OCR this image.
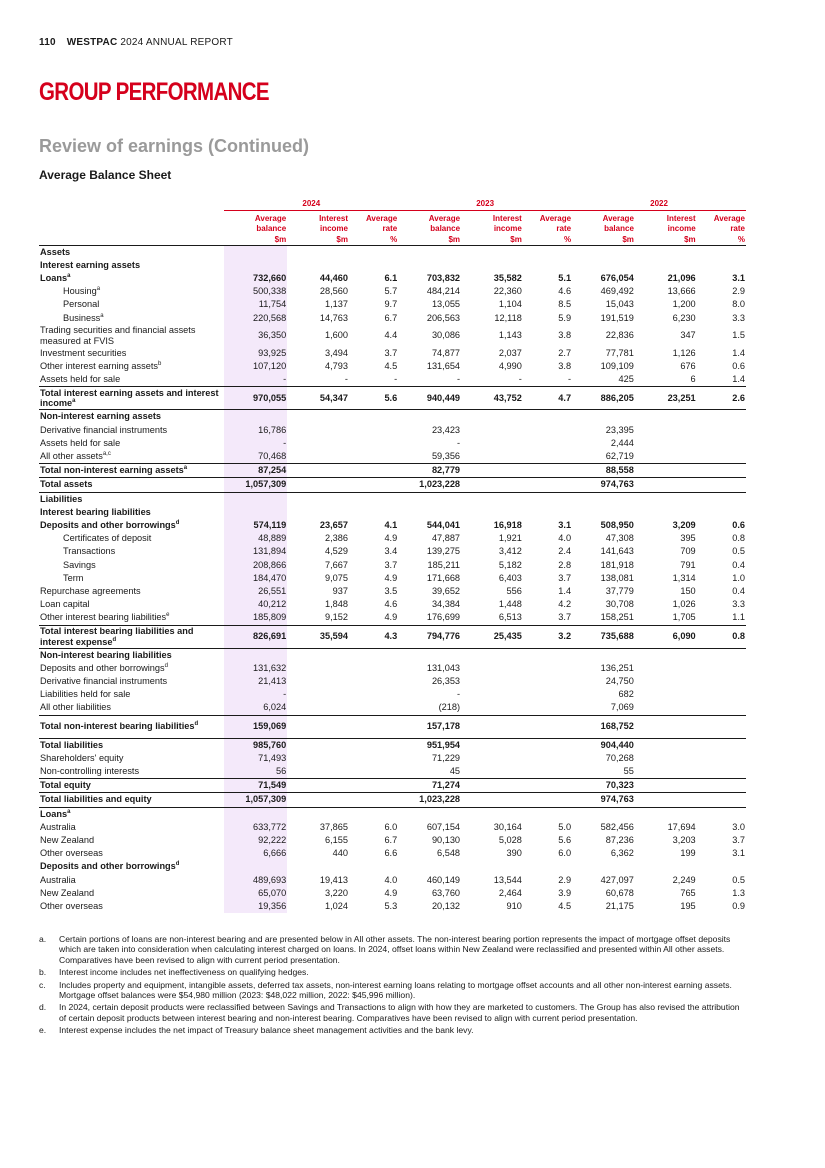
110 WESTPAC 2024 ANNUAL REPORT
GROUP PERFORMANCE
Review of earnings (Continued)
Average Balance Sheet
	2024			2023			2022		

	Average
balance
$m	Interest
income
$m	Average
rate
%	Average
balance
$m	Interest
income
$m	Average
rate
%	Average
balance
$m	Interest
income
$m	Average
rate
%

Assets									
Interest earning assets									
Loans$^a$	732,660	44,460	6.1	703,832	35,582	5.1	676,054	21,096	3.1
Housing$^a$	500,338	28,560	5.7	484,214	22,360	4.6	469,492	13,666	2.9
Personal	11,754	1,137	9.7	13,055	1,104	8.5	15,043	1,200	8.0
Business$^a$	220,568	14,763	6.7	206,563	12,118	5.9	191,519	6,230	3.3
Trading securities and financial assets measured at FVIS	36,350	1,600	4.4	30,086	1,143	3.8	22,836	347	1.5
Investment securities	93,925	3,494	3.7	74,877	2,037	2.7	77,781	1,126	1.4
Other interest earning assets$^b$	107,120	4,793	4.5	131,654	4,990	3.8	109,109	676	0.6
Assets held for sale	-	-	-	-	-	-	425	6	1.4
Total interest earning assets and interest income$^a$	970,055	54,347	5.6	940,449	43,752	4.7	886,205	23,251	2.6
Non-interest earning assets									
Derivative financial instruments	16,786			23,423			23,395		
Assets held for sale	-			-			2,444		
All other assets$^{a,c}$	70,468			59,356			62,719		
Total non-interest earning assets$^a$	87,254			82,779			88,558		
Total assets	1,057,309			1,023,228			974,763		
Liabilities									
Interest bearing liabilities									
Deposits and other borrowings$^d$	574,119	23,657	4.1	544,041	16,918	3.1	508,950	3,209	0.6
Certificates of deposit	48,889	2,386	4.9	47,887	1,921	4.0	47,308	395	0.8
Transactions	131,894	4,529	3.4	139,275	3,412	2.4	141,643	709	0.5
Savings	208,866	7,667	3.7	185,211	5,182	2.8	181,918	791	0.4
Term	184,470	9,075	4.9	171,668	6,403	3.7	138,081	1,314	1.0
Repurchase agreements	26,551	937	3.5	39,652	556	1.4	37,779	150	0.4
Loan capital	40,212	1,848	4.6	34,384	1,448	4.2	30,708	1,026	3.3
Other interest bearing liabilities$^e$	185,809	9,152	4.9	176,699	6,513	3.7	158,251	1,705	1.1
Total interest bearing liabilities and interest expense$^d$	826,691	35,594	4.3	794,776	25,435	3.2	735,688	6,090	0.8
Non-interest bearing liabilities									
Deposits and other borrowings$^d$	131,632			131,043			136,251		
Derivative financial instruments	21,413			26,353			24,750		
Liabilities held for sale	-			-			682		
All other liabilities	6,024			(218)			7,069		
Total non-interest bearing liabilities$^d$	159,069			157,178			168,752		
Total liabilities	985,760			951,954			904,440		
Shareholders' equity	71,493			71,229			70,268		
Non-controlling interests	56			45			55		
Total equity	71,549			71,274			70,323		
Total liabilities and equity	1,057,309			1,023,228			974,763		
Loans$^a$									
Australia	633,772	37,865	6.0	607,154	30,164	5.0	582,456	17,694	3.0
New Zealand	92,222	6,155	6.7	90,130	5,028	5.6	87,236	3,203	3.7
Other overseas	6,666	440	6.6	6,548	390	6.0	6,362	199	3.1
Deposits and other borrowings$^d$									
Australia	489,693	19,413	4.0	460,149	13,544	2.9	427,097	2,249	0.5
New Zealand	65,070	3,220	4.9	63,760	2,464	3.9	60,678	765	1.3
Other overseas	19,356	1,024	5.3	20,132	910	4.5	21,175	195	0.9
a.	Certain portions of loans are non-interest bearing and are presented below in All other assets. The non-interest bearing portion represents the impact of mortgage offset deposits which are taken into consideration when calculating interest charged on loans. In 2024, offset loans within New Zealand were reclassified and presented within All other assets. Comparatives have been revised to align with current period presentation.
b.	Interest income includes net ineffectiveness on qualifying hedges.
c.	Includes property and equipment, intangible assets, deferred tax assets, non-interest earning loans relating to mortgage offset accounts and all other non-interest earning assets. Mortgage offset balances were $54,980 million (2023: $48,022 million, 2022: $45,996 million).
d.	In 2024, certain deposit products were reclassified between Savings and Transactions to align with how they are marketed to customers. The Group has also revised the attribution of certain deposit products between interest bearing and non-interest bearing. Comparatives have been revised to align with current period presentation.
e.	Interest expense includes the net impact of Treasury balance sheet management activities and the bank levy.
